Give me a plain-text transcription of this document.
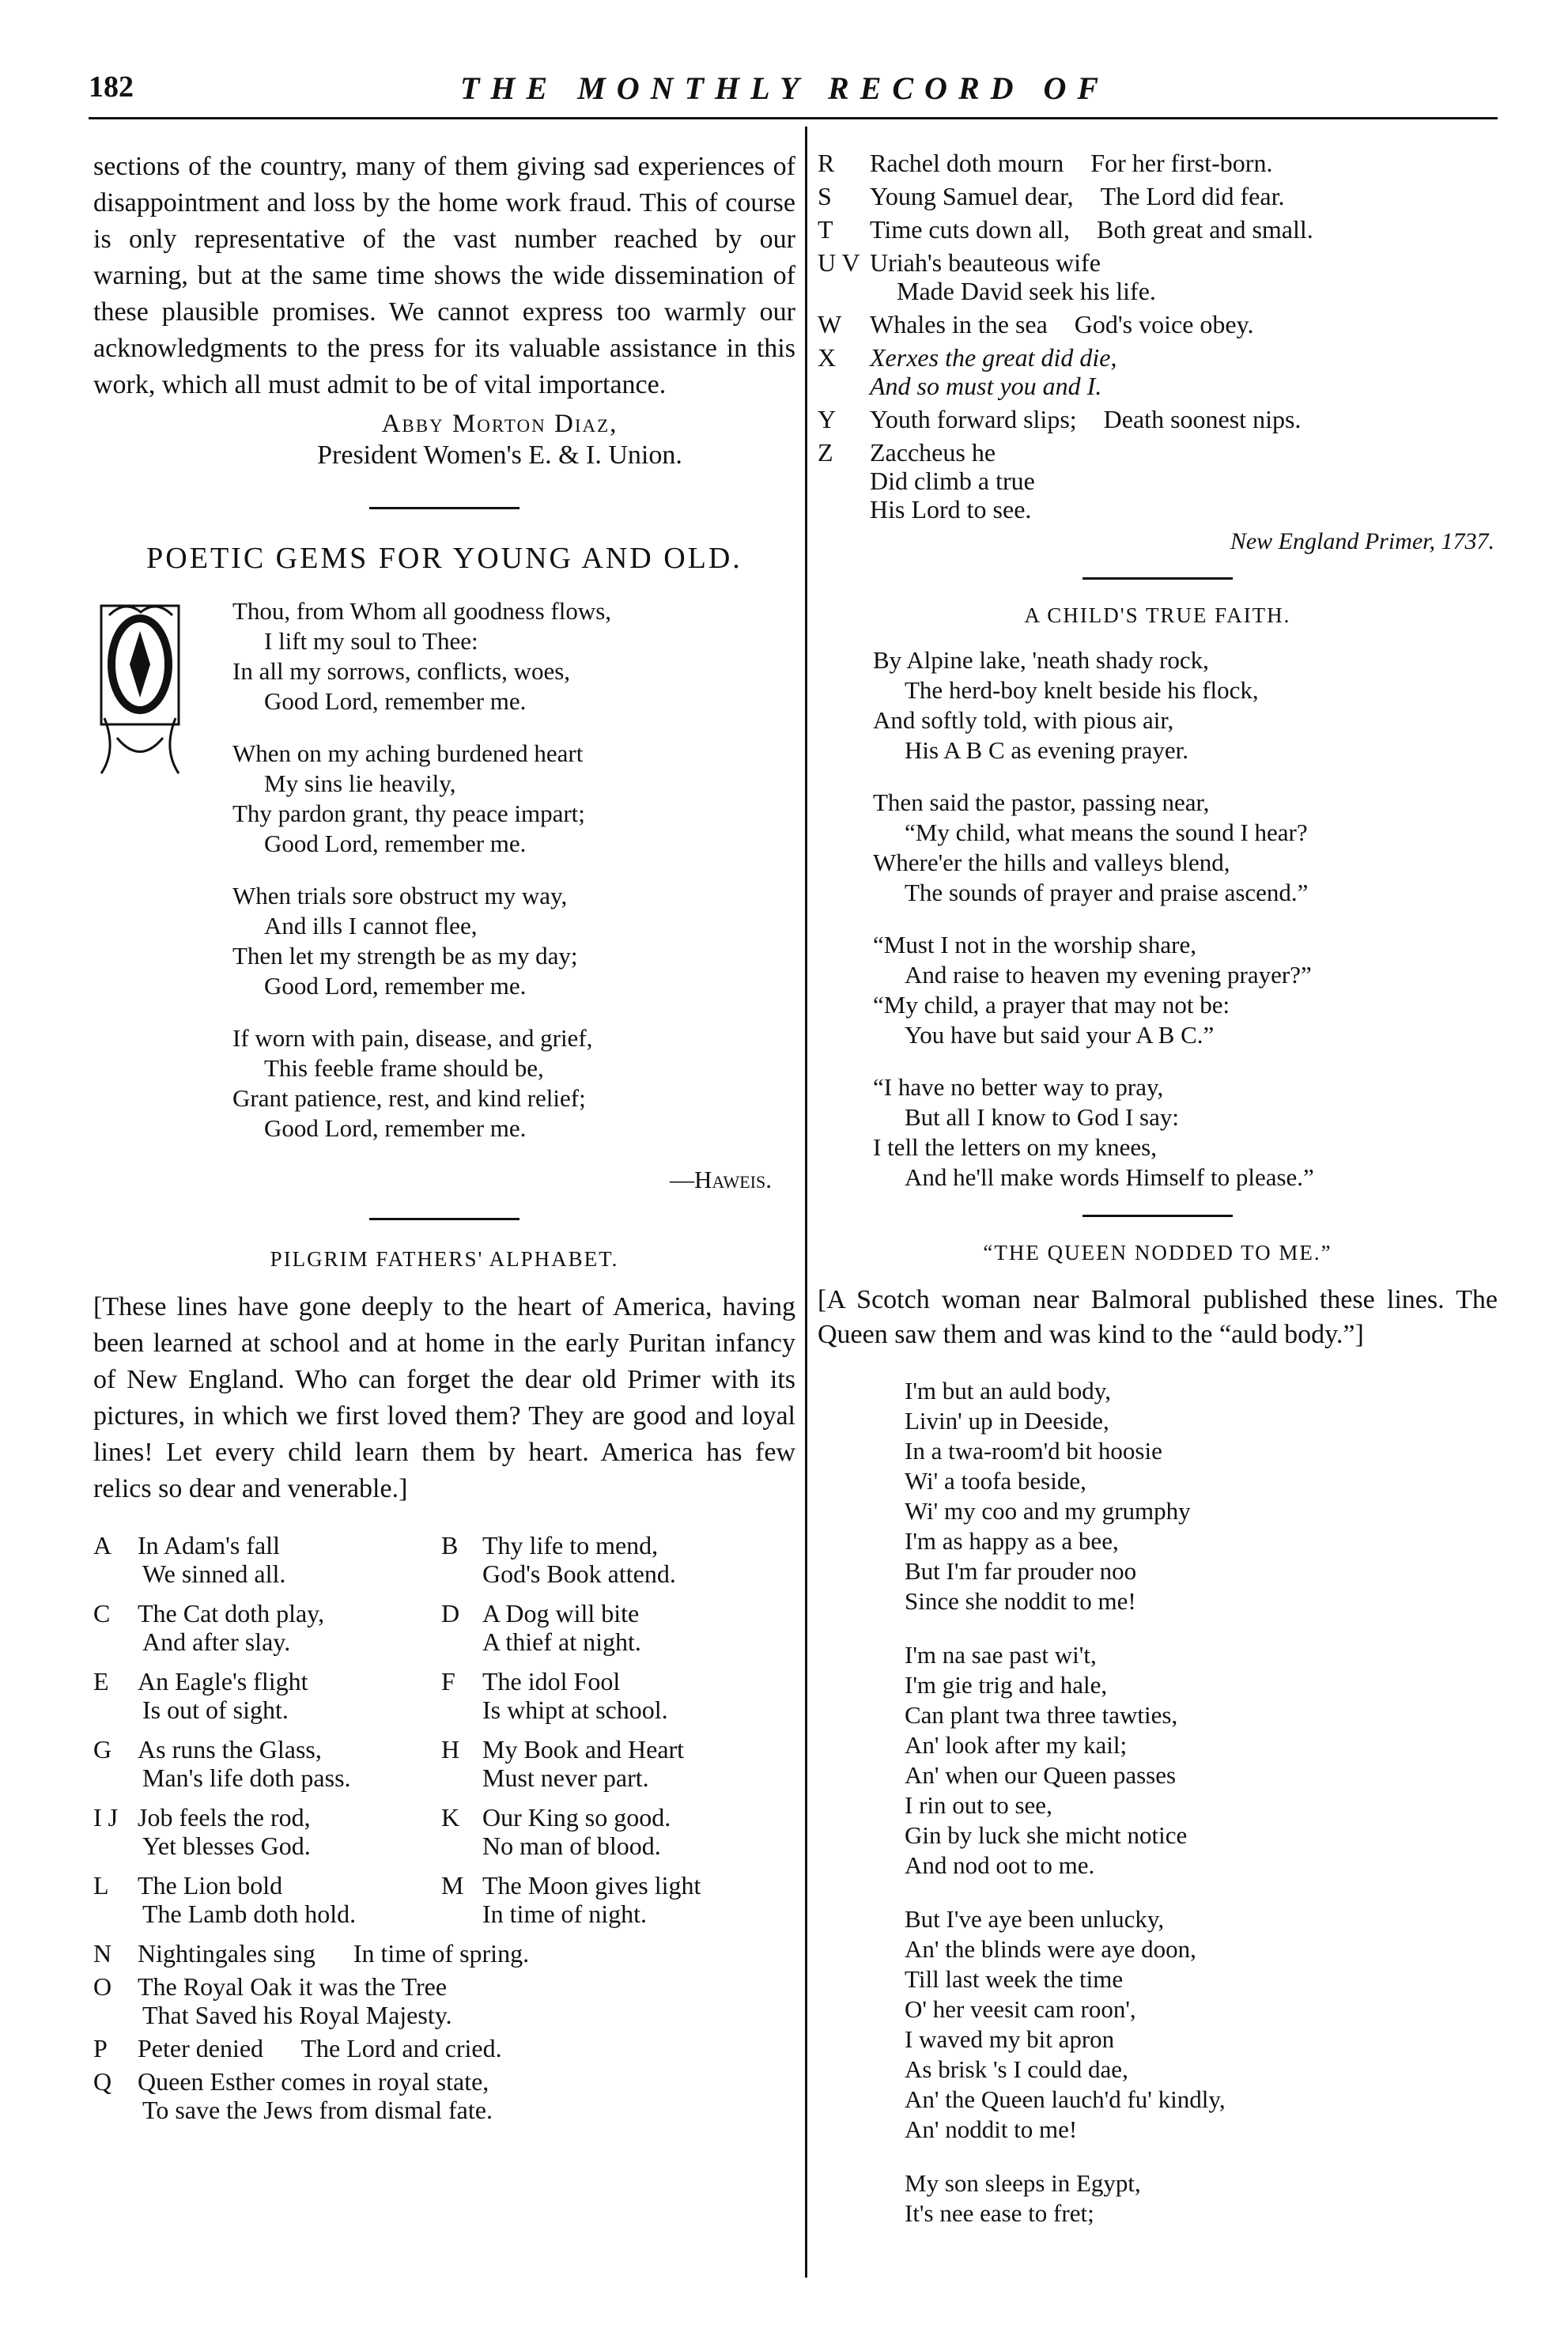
182	THE MONTHLY RECORD OF

sections of the country, many of them giving sad experiences of disappointment and loss by the home work fraud. This of course is only representative of the vast number reached by our warning, but at the same time shows the wide dissemination of these plausible promises. We cannot express too warmly our acknowledgments to the press for its valuable assistance in this work, which all must admit to be of vital importance.

Abby Morton Diaz,
President Women's E. & I. Union.
POETIC GEMS FOR YOUNG AND OLD.
Thou, from Whom all goodness flows,
I lift my soul to Thee:
In all my sorrows, conflicts, woes,
Good Lord, remember me.
When on my aching burdened heart
My sins lie heavily,
Thy pardon grant, thy peace impart;
Good Lord, remember me.
When trials sore obstruct my way,
And ills I cannot flee,
Then let my strength be as my day;
Good Lord, remember me.
If worn with pain, disease, and grief,
This feeble frame should be,
Grant patience, rest, and kind relief;
Good Lord, remember me.
—Haweis.
PILGRIM FATHERS' ALPHABET.

[These lines have gone deeply to the heart of America, having been learned at school and at home in the early Puritan infancy of New England. Who can forget the dear old Primer with its pictures, in which we first loved them? They are good and loyal lines! Let every child learn them by heart. America has few relics so dear and venerable.]

A	In Adam's fall
We sinned all.
B Thy life to mend,
God's Book attend.
C	The Cat doth play,
And after slay.
D A Dog will bite
A thief at night.
E	An Eagle's flight
Is out of sight.
F	The idol Fool
Is whipt at school.
G	As runs the Glass,
Man's life doth pass.
H My Book and Heart
Must never part.
I J Job feels the rod,
Yet blesses God.
K Our King so good.
No man of blood.
L	The Lion bold
The Lamb doth hold.
M The Moon gives light
In time of night.
N	Nightingales sing      In time of spring.
O	The Royal Oak it was the Tree
That Saved his Royal Majesty.
P	Peter denied      The Lord and cried.
Q	Queen Esther comes in royal state,
To save the Jews from dismal fate.
R	Rachel doth mourn For her first-born.
S	Young Samuel dear, The Lord did fear.
T	Time cuts down all, Both great and small.
U V Uriah's beauteous wife
Made David seek his life.
W	Whales in the sea God's voice obey.
X	Xerxes the great did die,
And so must you and I.
Y	Youth forward slips; Death soonest nips.
Z	Zaccheus he
Did climb a true
His Lord to see.
New England Primer, 1737.
A CHILD'S TRUE FAITH.
By Alpine lake, 'neath shady rock,
The herd-boy knelt beside his flock,
And softly told, with pious air,
His A B C as evening prayer.
Then said the pastor, passing near,
“My child, what means the sound I hear?
Where'er the hills and valleys blend,
The sounds of prayer and praise ascend.”
“Must I not in the worship share,
And raise to heaven my evening prayer?”
“My child, a prayer that may not be:
You have but said your A B C.”
“I have no better way to pray,
But all I know to God I say:
I tell the letters on my knees,
And he'll make words Himself to please.”
“THE QUEEN NODDED TO ME.”

[A Scotch woman near Balmoral published these lines. The Queen saw them and was kind to the “auld body.”]

I'm but an auld body,
Livin' up in Deeside,
In a twa-room'd bit hoosie
Wi' a toofa beside,
Wi' my coo and my grumphy
I'm as happy as a bee,
But I'm far prouder noo
Since she noddit to me!
I'm na sae past wi't,
I'm gie trig and hale,
Can plant twa three tawties,
An' look after my kail;
An' when our Queen passes
I rin out to see,
Gin by luck she micht notice
And nod oot to me.
But I've aye been unlucky,
An' the blinds were aye doon,
Till last week the time
O' her veesit cam roon',
I waved my bit apron
As brisk 's I could dae,
An' the Queen lauch'd fu' kindly,
An' noddit to me!
My son sleeps in Egypt,
It's nee ease to fret;
